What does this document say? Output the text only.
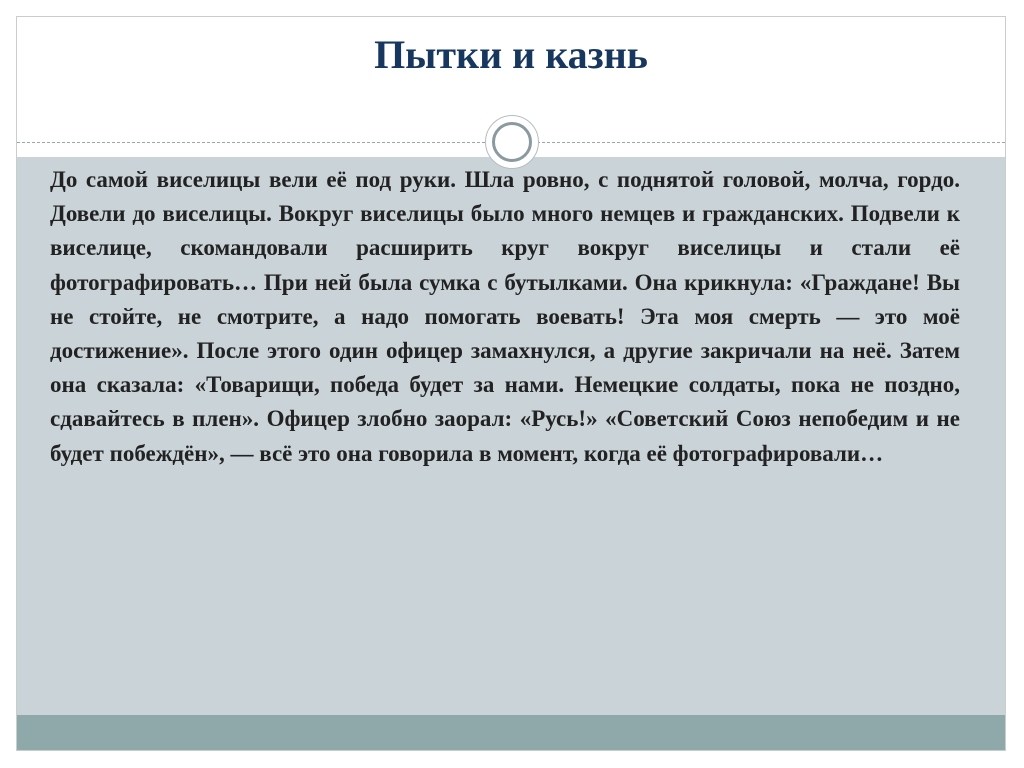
Пытки и казнь

До самой виселицы вели её под руки. Шла ровно, с поднятой головой, молча, гордо. Довели до виселицы. Вокруг виселицы было много немцев и гражданских. Подвели к виселице, скомандовали расширить круг вокруг виселицы и стали её фотографировать… При ней была сумка с бутылками. Она крикнула: «Граждане! Вы не стойте, не смотрите, а надо помогать воевать! Эта моя смерть — это моё достижение». После этого один офицер замахнулся, а другие закричали на неё. Затем она сказала: «Товарищи, победа будет за нами. Немецкие солдаты, пока не поздно, сдавайтесь в плен». Офицер злобно заорал: «Русь!» «Советский Союз непобедим и не будет побеждён», — всё это она говорила в момент, когда её фотографировали…
